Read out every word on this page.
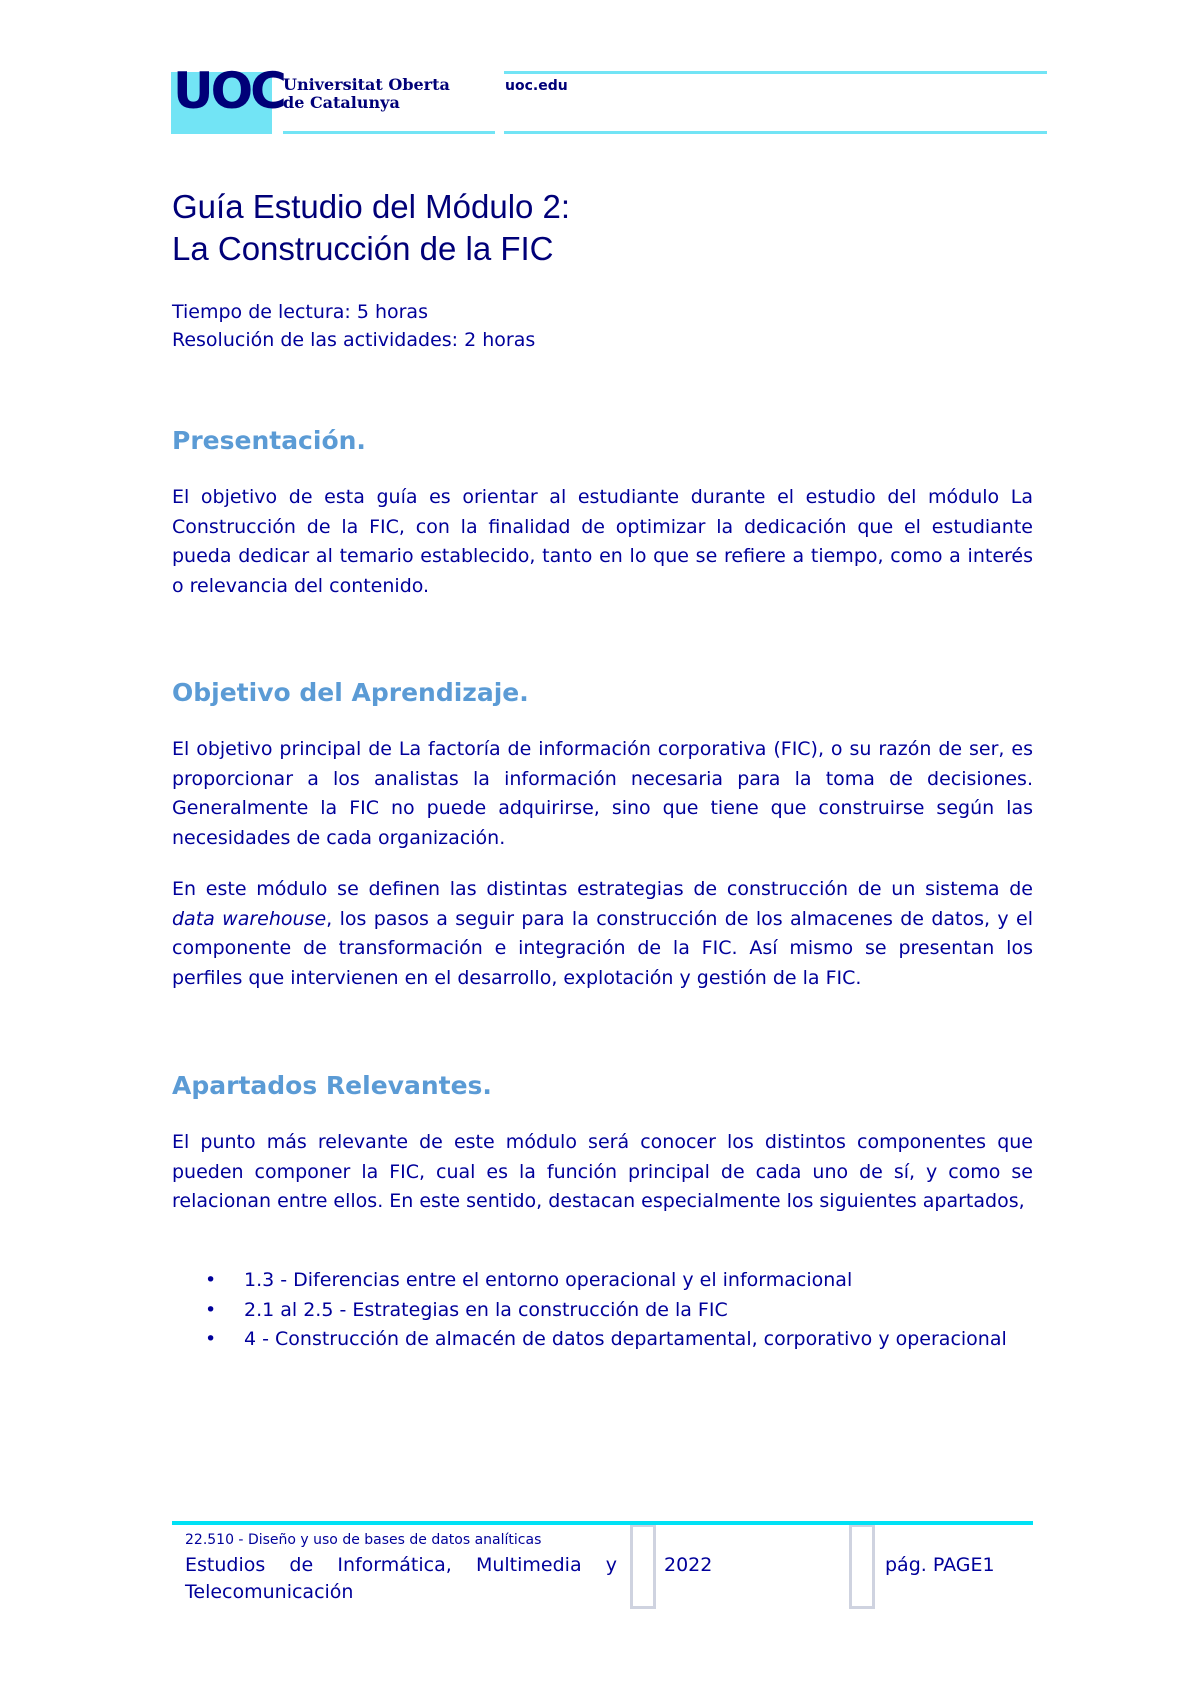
UOC Universitat Oberta
de Catalunya
uoc.edu
Guía Estudio del Módulo 2:
La Construcción de la FIC
Tiempo de lectura: 5 horas
Resolución de las actividades: 2 horas
Presentación.
El objetivo de esta guía es orientar al estudiante durante el estudio del módulo La Construcción de la FIC, con la finalidad de optimizar la dedicación que el estudiante pueda dedicar al temario establecido, tanto en lo que se refiere a tiempo, como a interés o relevancia del contenido.
Objetivo del Aprendizaje.
El objetivo principal de La factoría de información corporativa (FIC), o su razón de ser, es proporcionar a los analistas la información necesaria para la toma de decisiones. Generalmente la FIC no puede adquirirse, sino que tiene que construirse según las necesidades de cada organización.
En este módulo se definen las distintas estrategias de construcción de un sistema de data warehouse, los pasos a seguir para la construcción de los almacenes de datos, y el componente de transformación e integración de la FIC. Así mismo se presentan los perfiles que intervienen en el desarrollo, explotación y gestión de la FIC.
Apartados Relevantes.
El punto más relevante de este módulo será conocer los distintos componentes que pueden componer la FIC, cual es la función principal de cada uno de sí, y como se relacionan entre ellos. En este sentido, destacan especialmente los siguientes apartados,
• 1.3 - Diferencias entre el entorno operacional y el informacional
• 2.1 al 2.5 - Estrategias en la construcción de la FIC
• 4 - Construcción de almacén de datos departamental, corporativo y operacional
22.510 - Diseño y uso de bases de datos analíticas
Estudios de Informática, Multimedia y Telecomunicación
2022	pág. PAGE1
